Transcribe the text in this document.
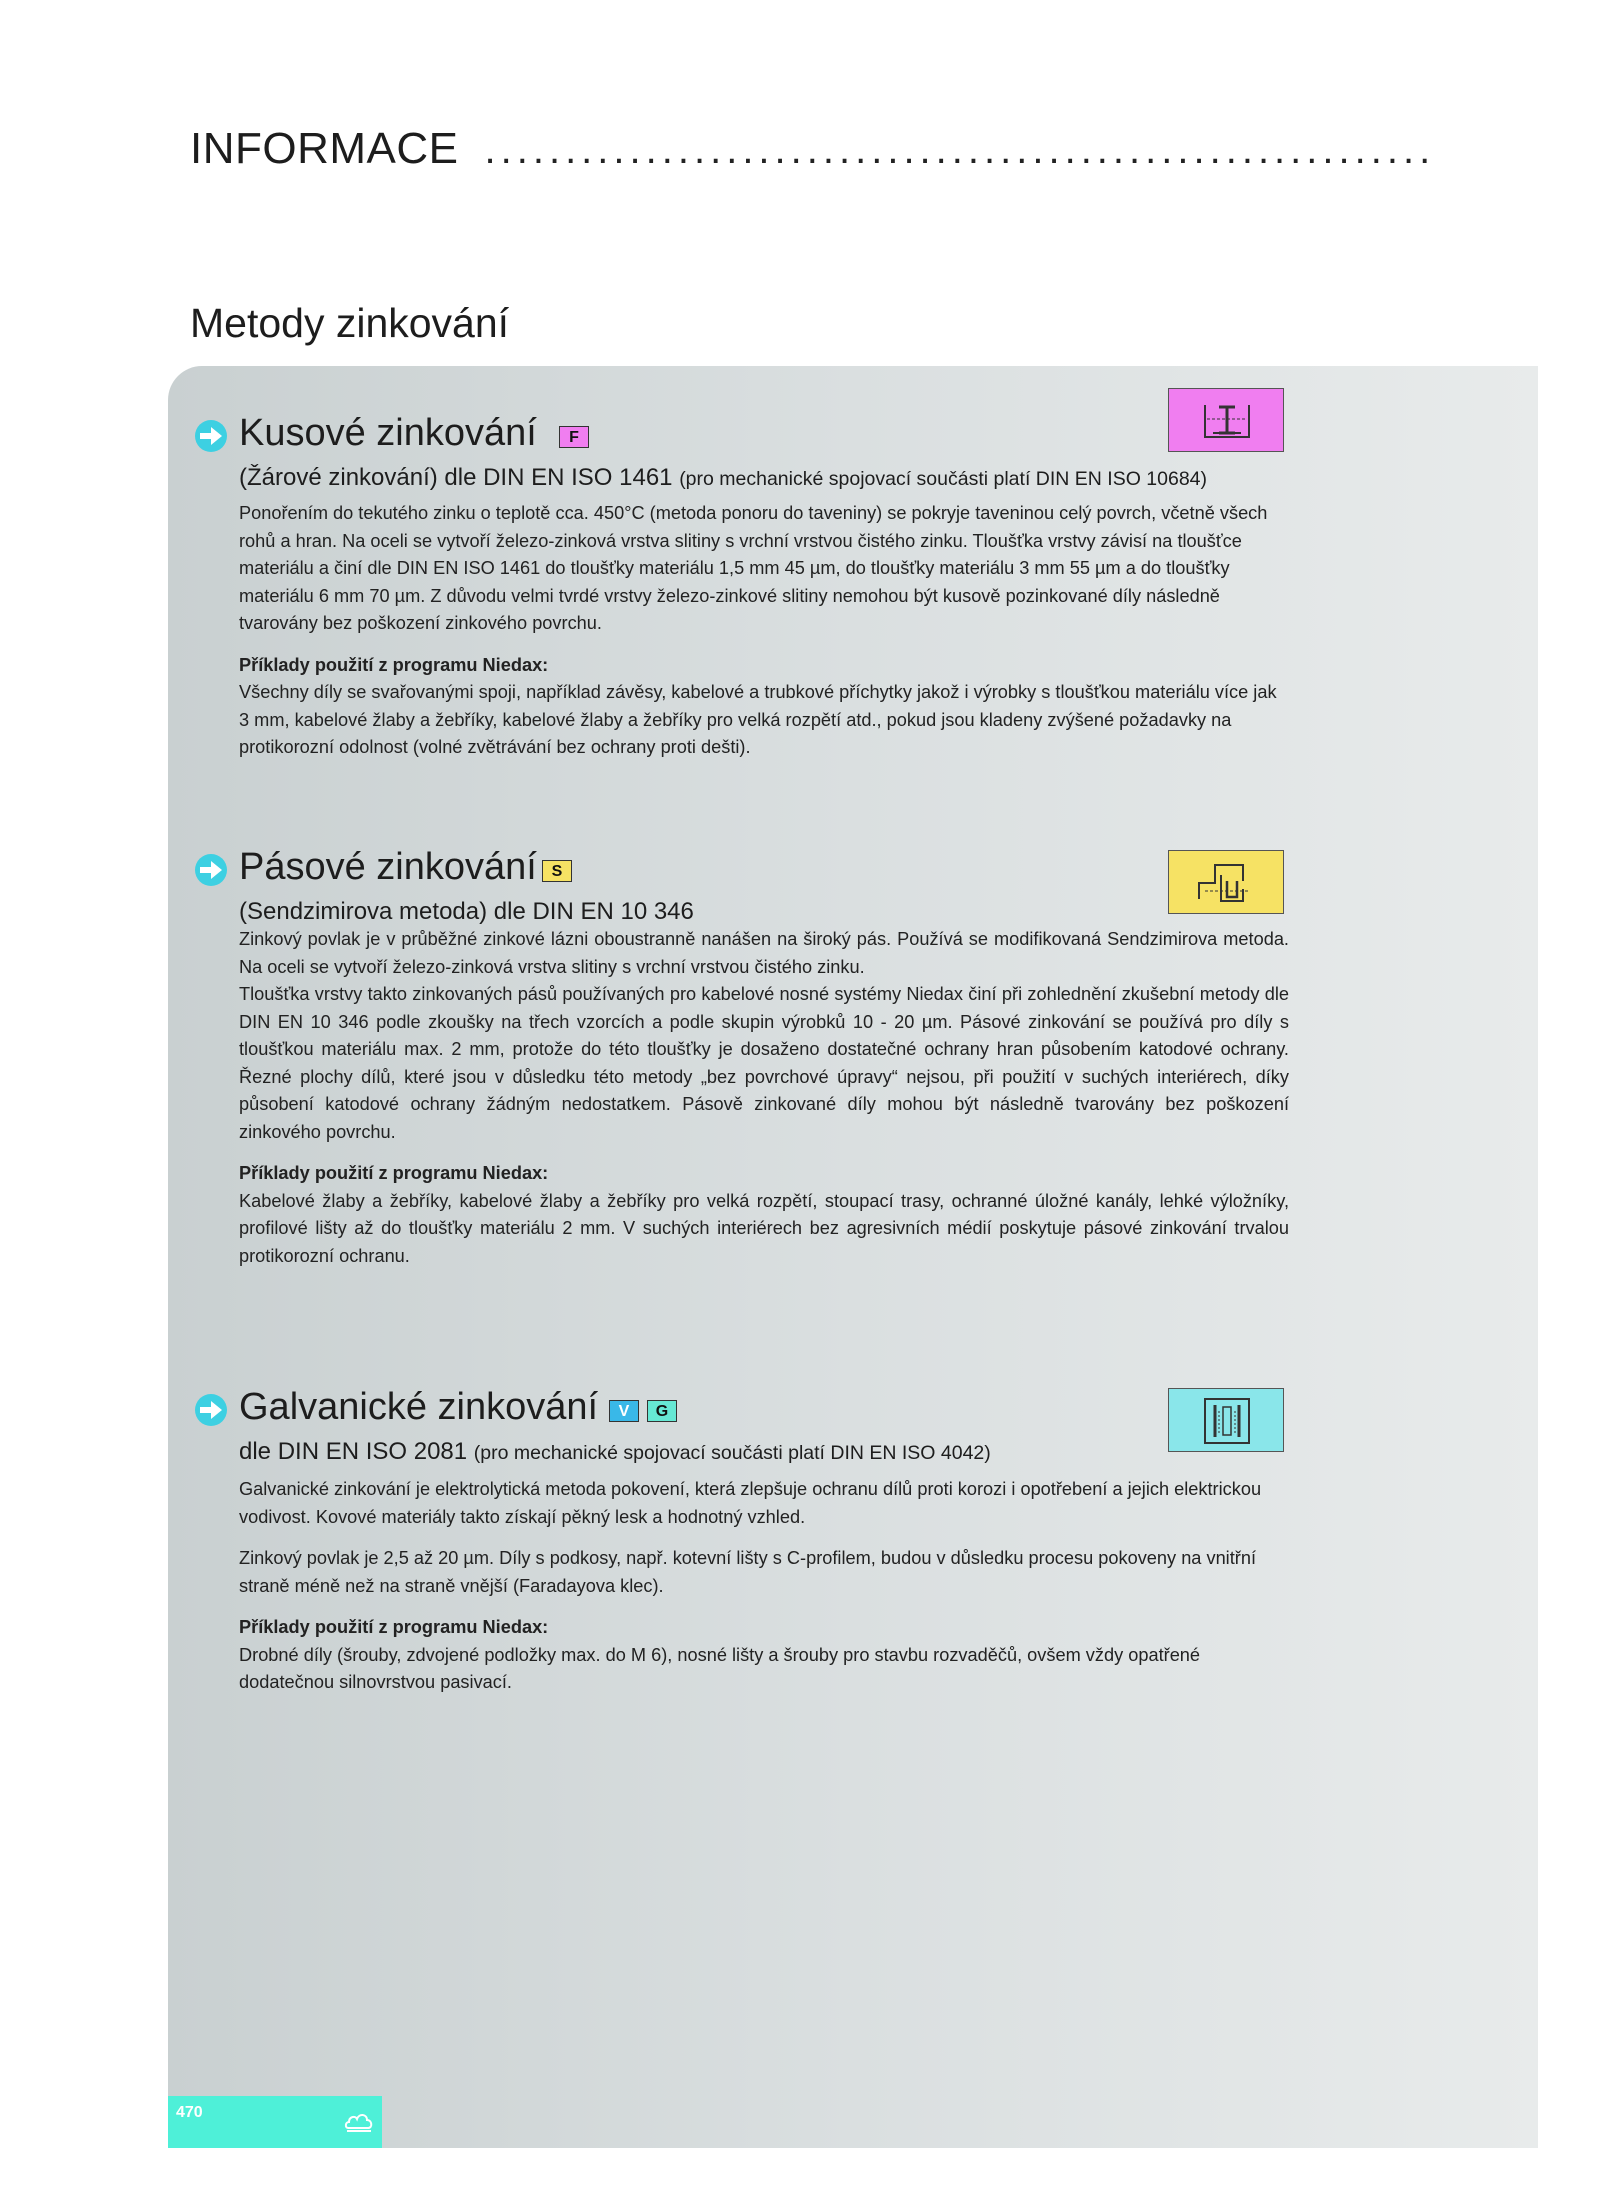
INFORMACE ...........................................................
Metody zinkování
Kusové zinkování	F
(Žárové zinkování) dle DIN EN ISO 1461 (pro mechanické spojovací součásti platí DIN EN ISO 10684)

Ponořením do tekutého zinku o teplotě cca. 450°C (metoda ponoru do taveniny) se pokryje taveninou celý povrch, včetně všech rohů a hran. Na oceli se vytvoří železo-zinková vrstva slitiny s vrchní vrstvou čistého zinku. Tloušťka vrstvy závisí na tloušťce materiálu a činí dle DIN EN ISO 1461 do tloušťky materiálu 1,5 mm 45 µm, do tloušťky materiálu 3 mm 55 µm a do tloušťky materiálu 6 mm 70 µm. Z důvodu velmi tvrdé vrstvy železo-zinkové slitiny nemohou být kusově pozinkované díly následně tvarovány bez poškození zinkového povrchu.

Příklady použití z programu Niedax:

Všechny díly se svařovanými spoji, například závěsy, kabelové a trubkové příchytky jakož i výrobky s tloušťkou materiálu více jak 3 mm, kabelové žlaby a žebříky, kabelové žlaby a žebříky pro velká rozpětí atd., pokud jsou kladeny zvýšené požadavky na protikorozní odolnost (volné zvětrávání bez ochrany proti dešti).

Pásové zinkování S
(Sendzimirova metoda) dle DIN EN 10 346

Zinkový povlak je v průběžné zinkové lázni oboustranně nanášen na široký pás. Používá se modifikovaná Sendzimirova metoda. Na oceli se vytvoří železo-zinková vrstva slitiny s vrchní vrstvou čistého zinku.

Tloušťka vrstvy takto zinkovaných pásů používaných pro kabelové nosné systémy Niedax činí při zohlednění zkušební metody dle DIN EN 10 346 podle zkoušky na třech vzorcích a podle skupin výrobků 10 - 20 µm. Pásové zinkování se používá pro díly s tloušťkou materiálu max. 2 mm, protože do této tloušťky je dosaženo dostatečné ochrany hran působením katodové ochrany. Řezné plochy dílů, které jsou v důsledku této metody „bez povrchové úpravy“ nejsou, při použití v suchých interiérech, díky působení katodové ochrany žádným nedostatkem. Pásově zinkované díly mohou být následně tvarovány bez poškození zinkového povrchu.

Příklady použití z programu Niedax:

Kabelové žlaby a žebříky, kabelové žlaby a žebříky pro velká rozpětí, stoupací trasy, ochranné úložné kanály, lehké výložníky, profilové lišty až do tloušťky materiálu 2 mm. V suchých interiérech bez agresivních médií poskytuje pásové zinkování trvalou protikorozní ochranu.

Galvanické zinkování	V	G
dle DIN EN ISO 2081 (pro mechanické spojovací součásti platí DIN EN ISO 4042)

Galvanické zinkování je elektrolytická metoda pokovení, která zlepšuje ochranu dílů proti korozi i opotřebení a jejich elektrickou vodivost. Kovové materiály takto získají pěkný lesk a hodnotný vzhled.

Zinkový povlak je 2,5 až 20 µm. Díly s podkosy, např. kotevní lišty s C-profilem, budou v důsledku procesu pokoveny na vnitřní straně méně než na straně vnější (Faradayova klec).

Příklady použití z programu Niedax:

Drobné díly (šrouby, zdvojené podložky max. do M 6), nosné lišty a šrouby pro stavbu rozvaděčů, ovšem vždy opatřené dodatečnou silnovrstvou pasivací.

470
